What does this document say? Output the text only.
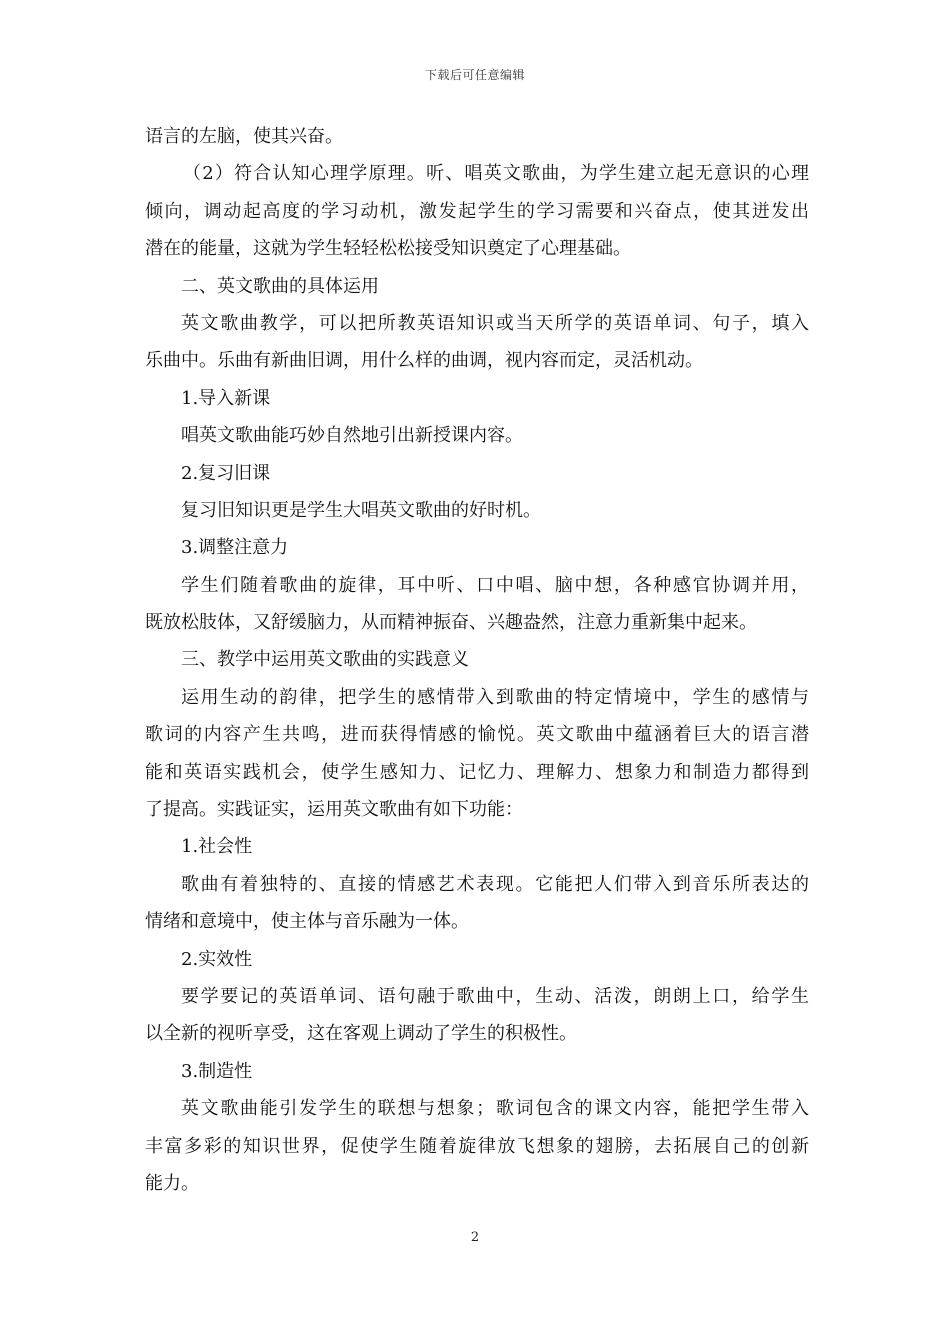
下载后可任意编辑
语言的左脑，使其兴奋。
（2）符合认知心理学原理。听、唱英文歌曲，为学生建立起无意识的心理
倾向，调动起高度的学习动机，激发起学生的学习需要和兴奋点，使其迸发出
潜在的能量，这就为学生轻轻松松接受知识奠定了心理基础。
二、英文歌曲的具体运用
英文歌曲教学，可以把所教英语知识或当天所学的英语单词、句子，填入
乐曲中。乐曲有新曲旧调，用什么样的曲调，视内容而定，灵活机动。
1.导入新课
唱英文歌曲能巧妙自然地引出新授课内容。
2.复习旧课
复习旧知识更是学生大唱英文歌曲的好时机。
3.调整注意力
学生们随着歌曲的旋律，耳中听、口中唱、脑中想，各种感官协调并用，
既放松肢体，又舒缓脑力，从而精神振奋、兴趣盎然，注意力重新集中起来。
三、教学中运用英文歌曲的实践意义
运用生动的韵律，把学生的感情带入到歌曲的特定情境中，学生的感情与
歌词的内容产生共鸣，进而获得情感的愉悦。英文歌曲中蕴涵着巨大的语言潜
能和英语实践机会，使学生感知力、记忆力、理解力、想象力和制造力都得到
了提高。实践证实，运用英文歌曲有如下功能：
1.社会性
歌曲有着独特的、直接的情感艺术表现。它能把人们带入到音乐所表达的
情绪和意境中，使主体与音乐融为一体。
2.实效性
要学要记的英语单词、语句融于歌曲中，生动、活泼，朗朗上口，给学生
以全新的视听享受，这在客观上调动了学生的积极性。
3.制造性
英文歌曲能引发学生的联想与想象；歌词包含的课文内容，能把学生带入
丰富多彩的知识世界，促使学生随着旋律放飞想象的翅膀，去拓展自己的创新
能力。
2
